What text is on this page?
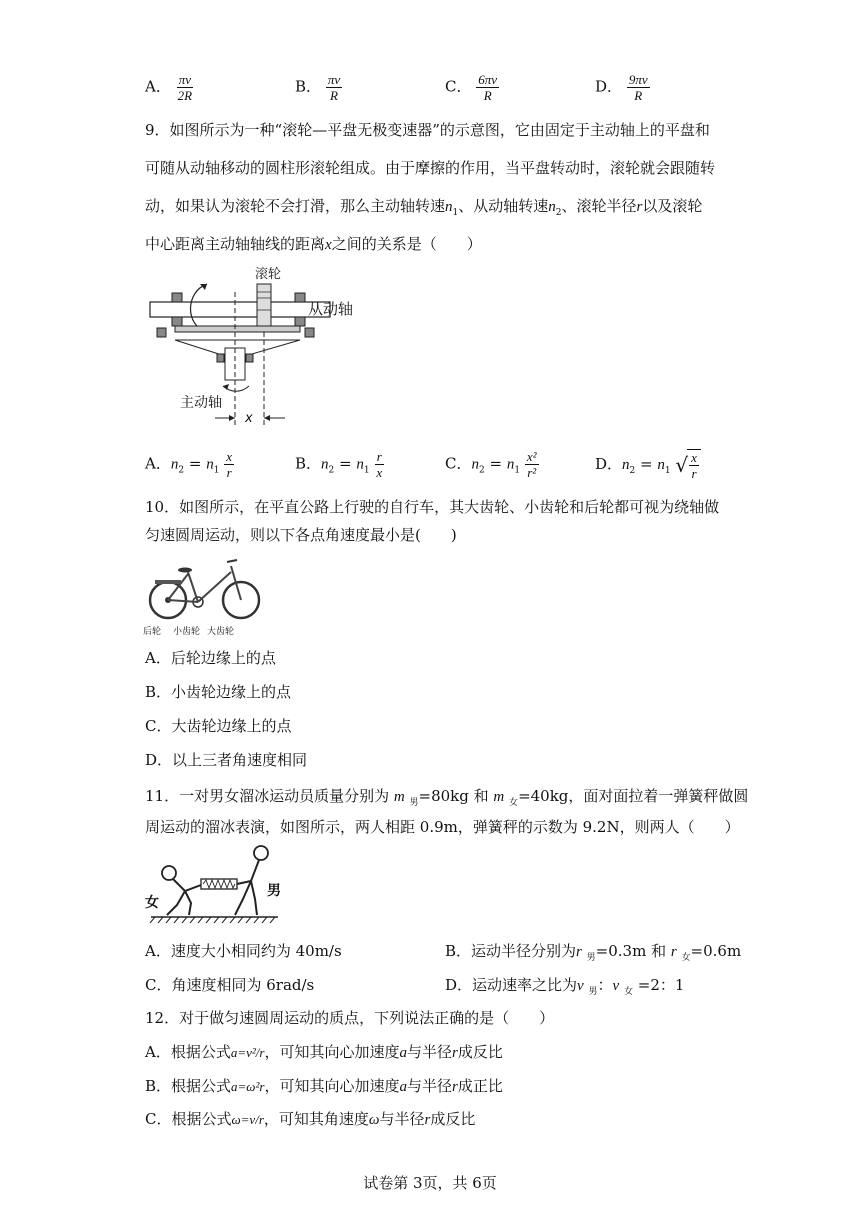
A． $\frac{\pi v}{2R}$	B． $\frac{\pi v}{R}$	C． $\frac{6\pi v}{R}$	D． $\frac{9\pi v}{R}$
9．如图所示为一种“滚轮—平盘无极变速器”的示意图，它由固定于主动轴上的平盘和
可随从动轴移动的圆柱形滚轮组成。由于摩擦的作用，当平盘转动时，滚轮就会跟随转
动，如果认为滚轮不会打滑，那么主动轴转速$n_1$、从动轴转速$n_2$、滚轮半径r以及滚轮
中心距离主动轴轴线的距离x之间的关系是（　　）
滚轮
从动轴
主动轴
x
A．$n_2 = n_1 \frac{x}{r}$	B．$n_2 = n_1 \frac{r}{x}$	C．$n_2 = n_1 \frac{\text{x²}}{\text{r²}}$	D．$n_2 = n_1$ √ $\frac{x}{r}$
10．如图所示，在平直公路上行驶的自行车，其大齿轮、小齿轮和后轮都可视为绕轴做
匀速圆周运动，则以下各点角速度最小是(　　)
后轮 小齿轮 大齿轮
A．后轮边缘上的点
B．小齿轮边缘上的点
C．大齿轮边缘上的点
D．以上三者角速度相同
11．一对男女溜冰运动员质量分别为 m $_男$=80kg 和 m $_女$=40kg，面对面拉着一弹簧秤做圆
周运动的溜冰表演，如图所示，两人相距 0.9m，弹簧秤的示数为 9.2N，则两人（　　）
女
男
A．速度大小相同约为 40m/s	B．运动半径分别为r $_男$=0.3m 和 r $_女$=0.6m
C．角速度相同为 6rad/s	D．运动速率之比为v $_男$：v $_女$ =2：1
12．对于做匀速圆周运动的质点，下列说法正确的是（　　）
A．根据公式a=v²/r，可知其向心加速度a与半径r成反比
B．根据公式a=ω²r，可知其向心加速度a与半径r成正比
C．根据公式ω=v/r，可知其角速度ω与半径r成反比
试卷第 3页，共 6页
